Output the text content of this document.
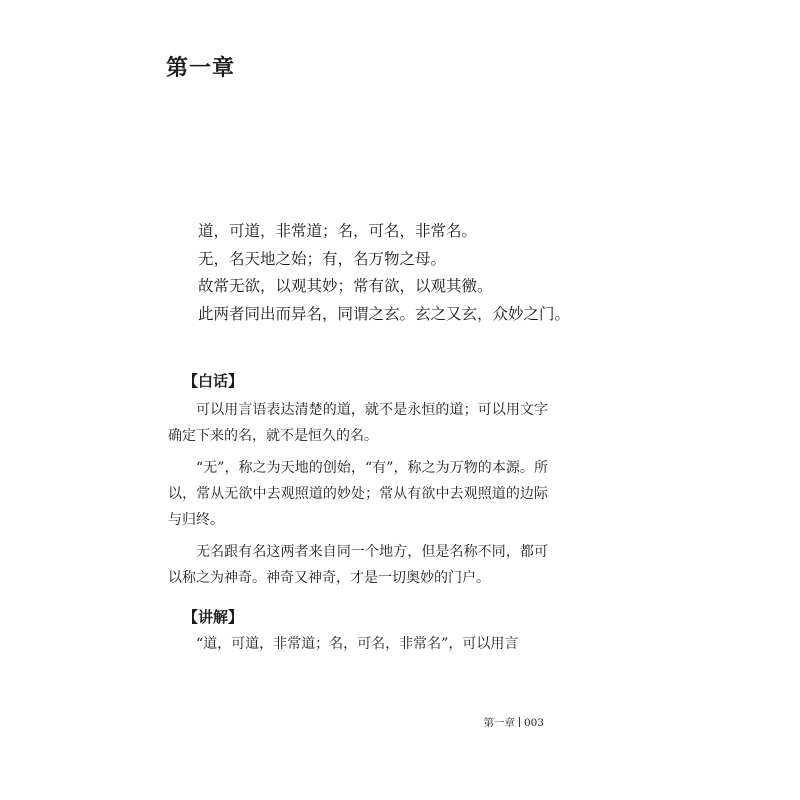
第一章
道，可道，非常道；名，可名，非常名。
无，名天地之始；有，名万物之母。
故常无欲，以观其妙；常有欲，以观其徼。
此两者同出而异名，同谓之玄。玄之又玄，众妙之门。
【白话】

可以用言语表达清楚的道，就不是永恒的道；可以用文字确定下来的名，就不是恒久的名。

“无”，称之为天地的创始，“有”，称之为万物的本源。所以，常从无欲中去观照道的妙处；常从有欲中去观照道的边际与归终。

无名跟有名这两者来自同一个地方，但是名称不同，都可以称之为神奇。神奇又神奇，才是一切奥妙的门户。

【讲解】

“道，可道，非常道；名，可名，非常名”，可以用言

第一章 003
